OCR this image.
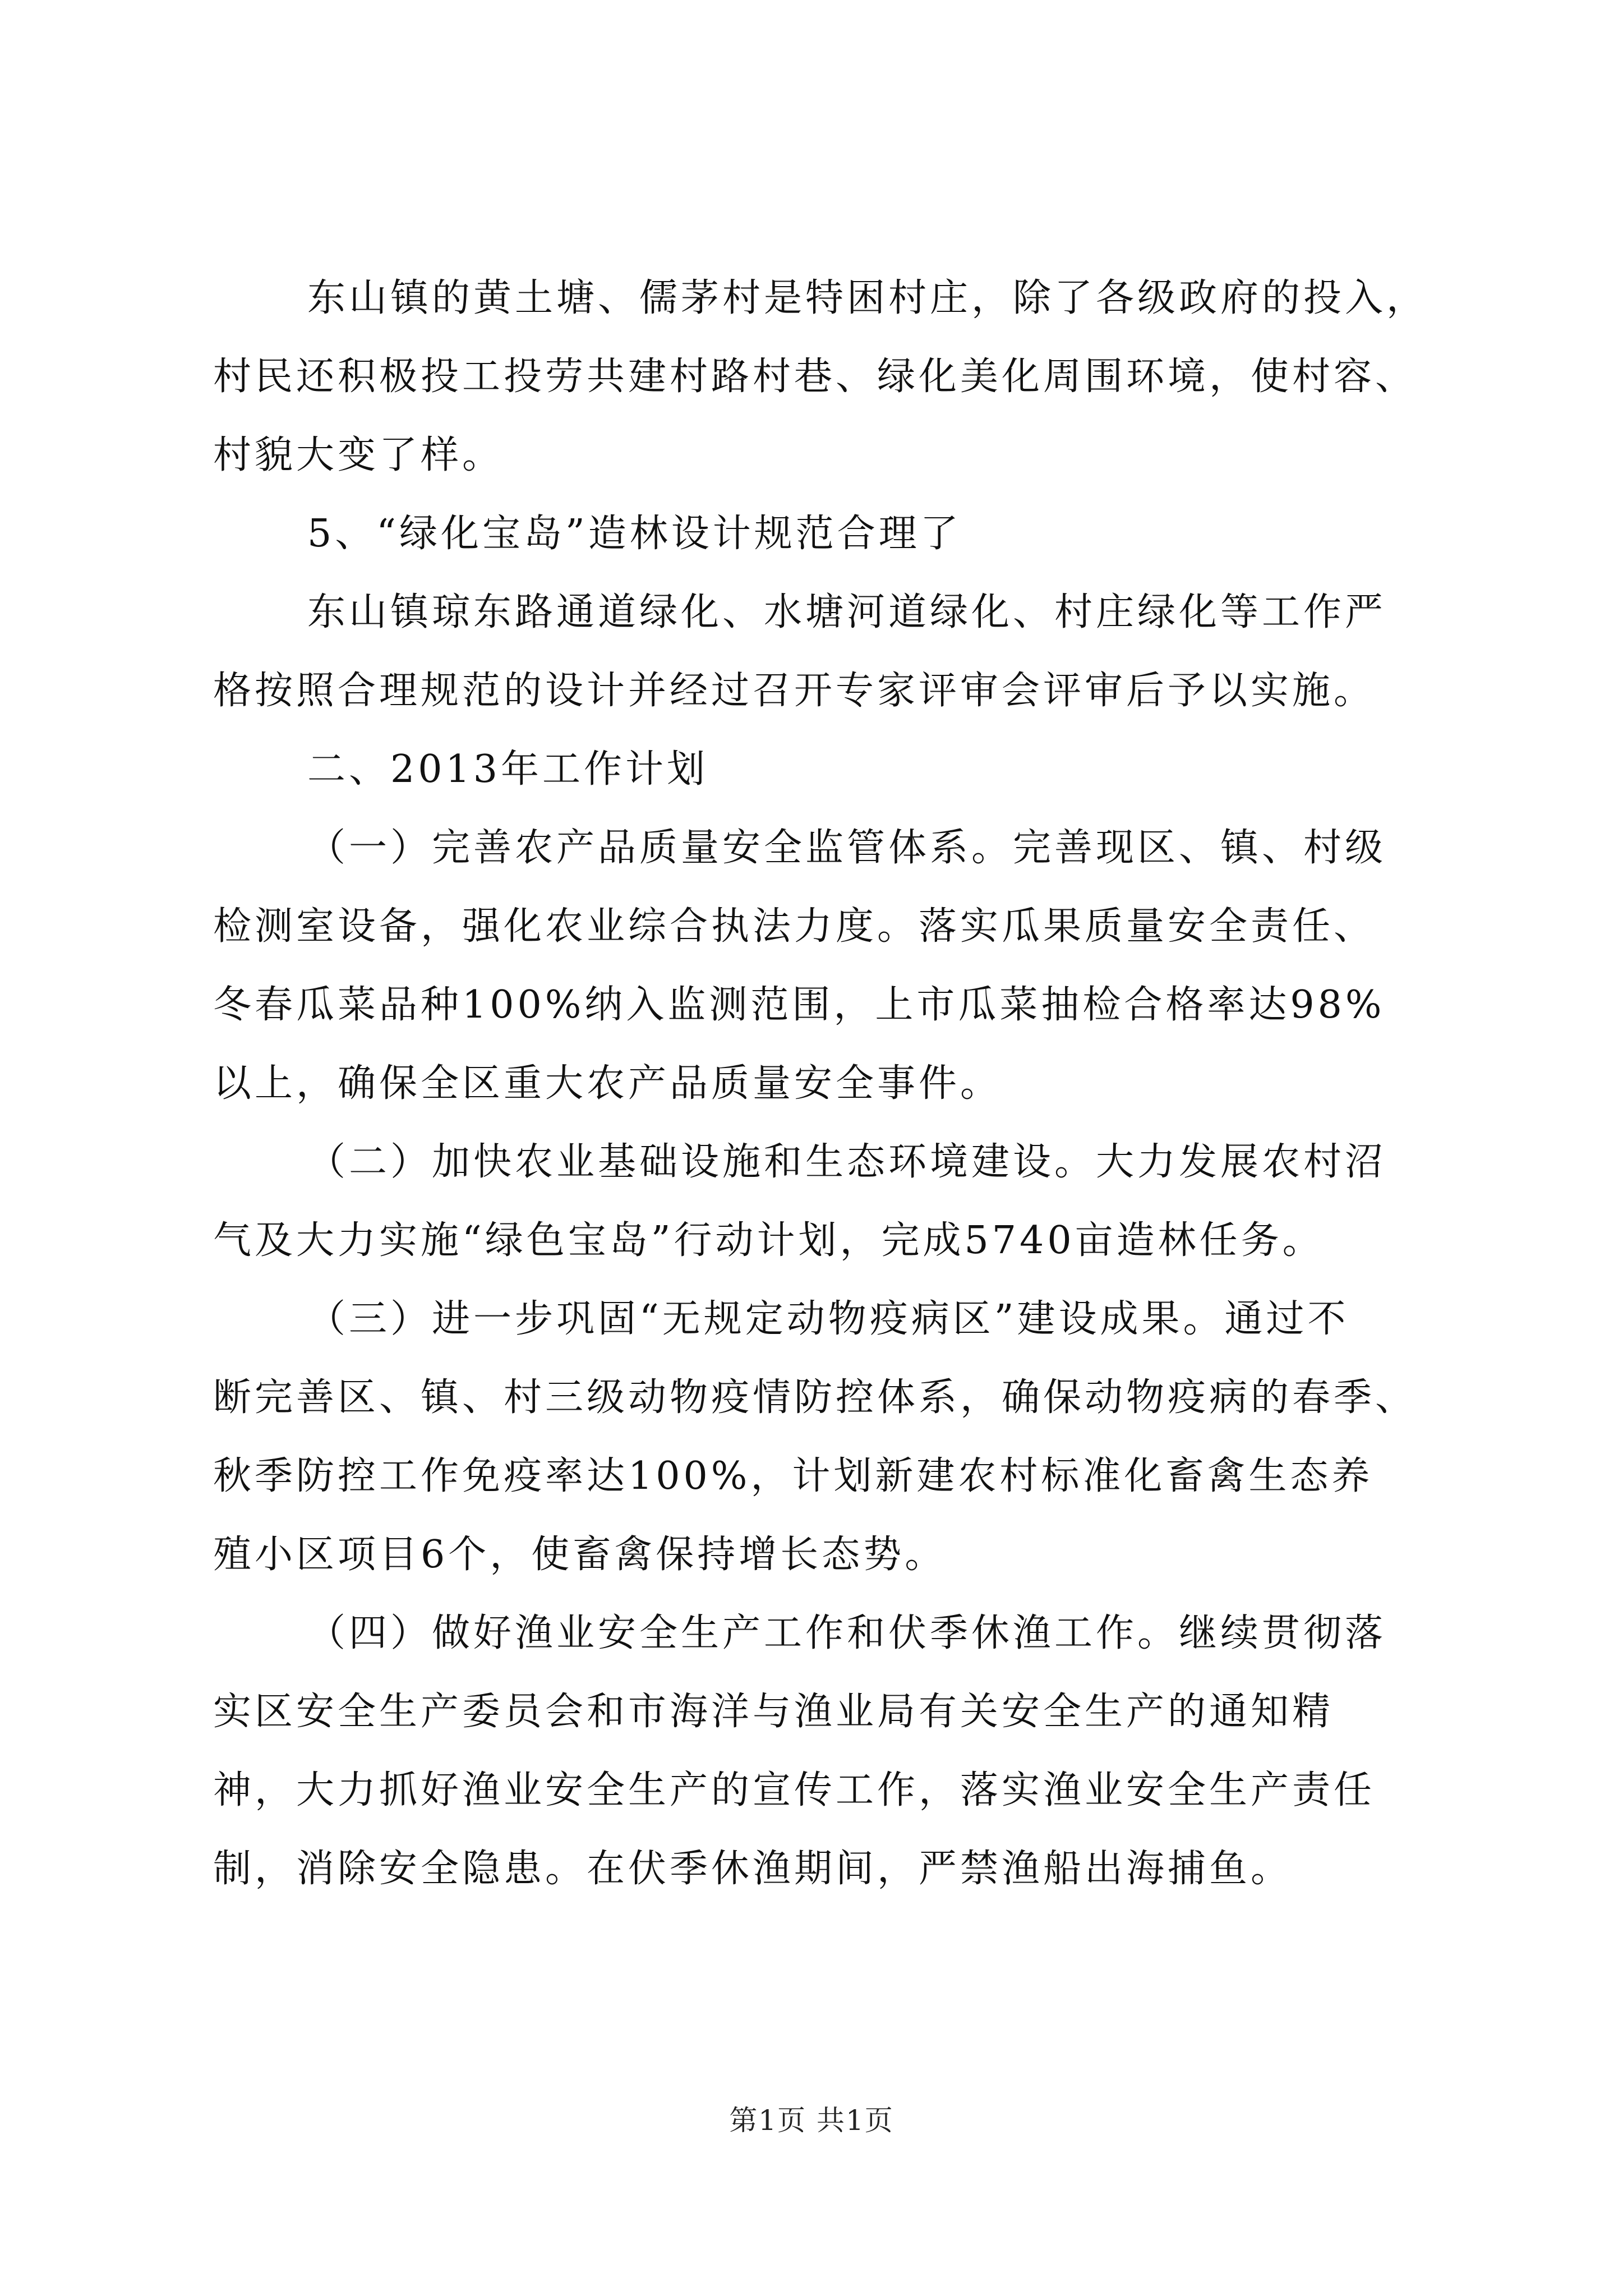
东山镇的黄土塘、儒茅村是特困村庄，除了各级政府的投入，
村民还积极投工投劳共建村路村巷、绿化美化周围环境，使村容、
村貌大变了样。
5、“绿化宝岛”造林设计规范合理了
东山镇琼东路通道绿化、水塘河道绿化、村庄绿化等工作严
格按照合理规范的设计并经过召开专家评审会评审后予以实施。
二、2013年工作计划
（一）完善农产品质量安全监管体系。完善现区、镇、村级
检测室设备，强化农业综合执法力度。落实瓜果质量安全责任、
冬春瓜菜品种100%纳入监测范围，上市瓜菜抽检合格率达98%
以上，确保全区重大农产品质量安全事件。
（二）加快农业基础设施和生态环境建设。大力发展农村沼
气及大力实施“绿色宝岛”行动计划，完成5740亩造林任务。
（三）进一步巩固“无规定动物疫病区”建设成果。通过不
断完善区、镇、村三级动物疫情防控体系，确保动物疫病的春季、
秋季防控工作免疫率达100%，计划新建农村标准化畜禽生态养
殖小区项目6个，使畜禽保持增长态势。
（四）做好渔业安全生产工作和伏季休渔工作。继续贯彻落
实区安全生产委员会和市海洋与渔业局有关安全生产的通知精
神，大力抓好渔业安全生产的宣传工作，落实渔业安全生产责任
制，消除安全隐患。在伏季休渔期间，严禁渔船出海捕鱼。
第1页 共1页
